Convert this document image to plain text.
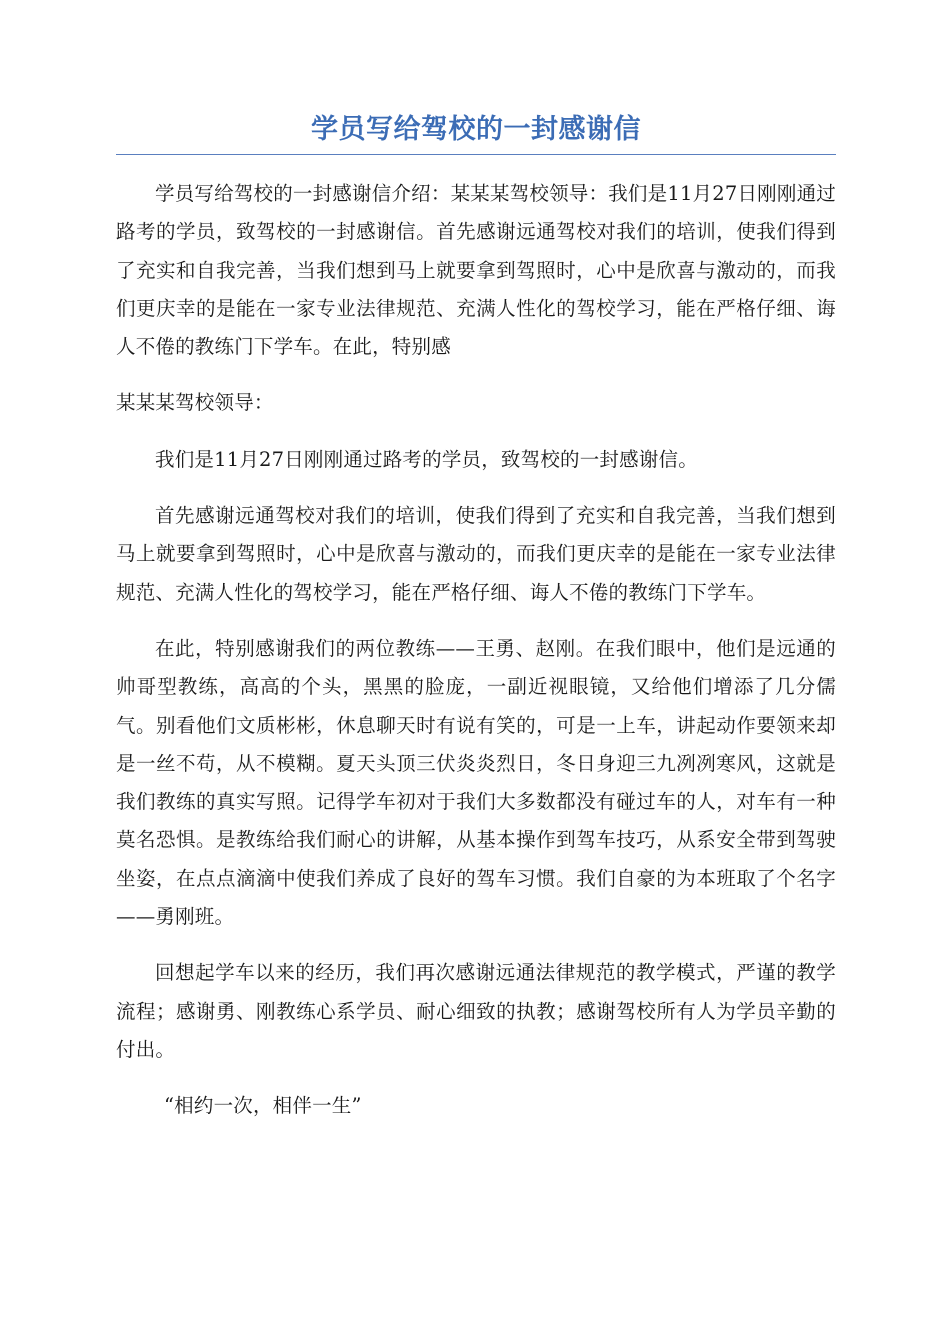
学员写给驾校的一封感谢信

学员写给驾校的一封感谢信介绍：某某某驾校领导：我们是11月27日刚刚通过路考的学员，致驾校的一封感谢信。首先感谢远通驾校对我们的培训，使我们得到了充实和自我完善，当我们想到马上就要拿到驾照时，心中是欣喜与激动的，而我们更庆幸的是能在一家专业法律规范、充满人性化的驾校学习，能在严格仔细、诲人不倦的教练门下学车。在此，特别感

某某某驾校领导：

我们是11月27日刚刚通过路考的学员，致驾校的一封感谢信。

首先感谢远通驾校对我们的培训，使我们得到了充实和自我完善，当我们想到马上就要拿到驾照时，心中是欣喜与激动的，而我们更庆幸的是能在一家专业法律规范、充满人性化的驾校学习，能在严格仔细、诲人不倦的教练门下学车。

在此，特别感谢我们的两位教练——王勇、赵刚。在我们眼中，他们是远通的帅哥型教练，高高的个头，黑黑的脸庞，一副近视眼镜，又给他们增添了几分儒气。别看他们文质彬彬，休息聊天时有说有笑的，可是一上车，讲起动作要领来却是一丝不苟，从不模糊。夏天头顶三伏炎炎烈日，冬日身迎三九冽冽寒风，这就是我们教练的真实写照。记得学车初对于我们大多数都没有碰过车的人，对车有一种莫名恐惧。是教练给我们耐心的讲解，从基本操作到驾车技巧，从系安全带到驾驶坐姿，在点点滴滴中使我们养成了良好的驾车习惯。我们自豪的为本班取了个名字——勇刚班。

回想起学车以来的经历，我们再次感谢远通法律规范的教学模式，严谨的教学流程；感谢勇、刚教练心系学员、耐心细致的执教；感谢驾校所有人为学员辛勤的付出。

“相约一次，相伴一生”
